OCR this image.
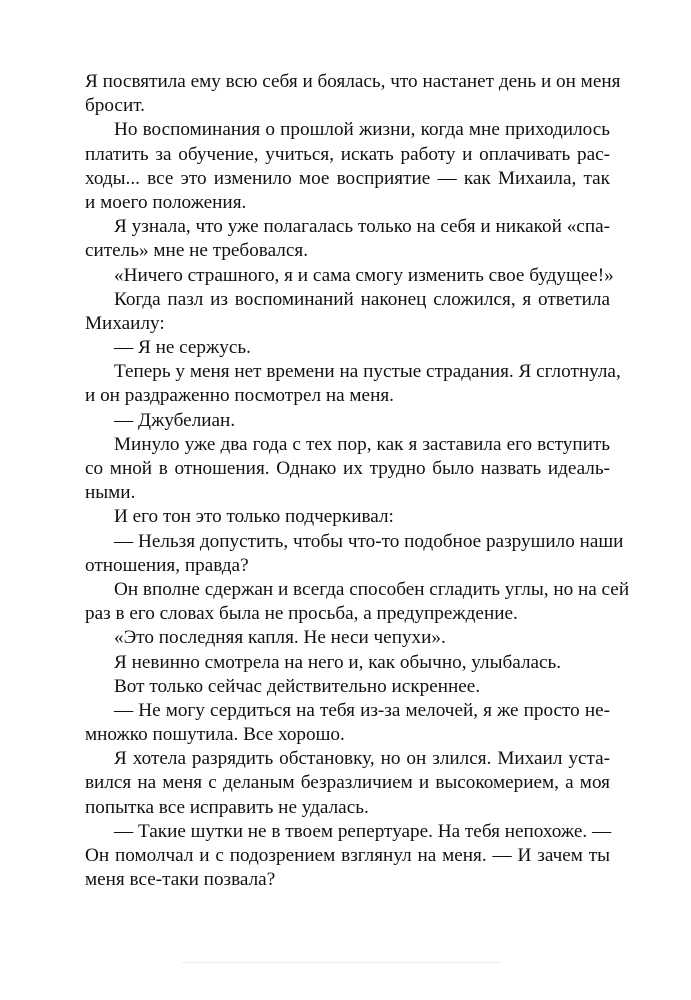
Я посвятила ему всю себя и боялась, что настанет день и он меня
бросит.
Но воспоминания о прошлой жизни, когда мне приходилось
платить за обучение, учиться, искать работу и оплачивать рас-
ходы... все это изменило мое восприятие — как Михаила, так
и моего положения.
Я узнала, что уже полагалась только на себя и никакой «спа-
ситель» мне не требовался.
«Ничего страшного, я и сама смогу изменить свое будущее!»
Когда пазл из воспоминаний наконец сложился, я ответила
Михаилу:
— Я не сержусь.
Теперь у меня нет времени на пустые страдания. Я сглотнула,
и он раздраженно посмотрел на меня.
— Джубелиан.
Минуло уже два года с тех пор, как я заставила его вступить
со мной в отношения. Однако их трудно было назвать идеаль-
ными.
И его тон это только подчеркивал:
— Нельзя допустить, чтобы что-то подобное разрушило наши
отношения, правда?
Он вполне сдержан и всегда способен сгладить углы, но на сей
раз в его словах была не просьба, а предупреждение.
«Это последняя капля. Не неси чепухи».
Я невинно смотрела на него и, как обычно, улыбалась.
Вот только сейчас действительно искреннее.
— Не могу сердиться на тебя из-за мелочей, я же просто не-
множко пошутила. Все хорошо.
Я хотела разрядить обстановку, но он злился. Михаил уста-
вился на меня с деланым безразличием и высокомерием, а моя
попытка все исправить не удалась.
— Такие шутки не в твоем репертуаре. На тебя непохоже. —
Он помолчал и с подозрением взглянул на меня. — И зачем ты
меня все-таки позвала?
